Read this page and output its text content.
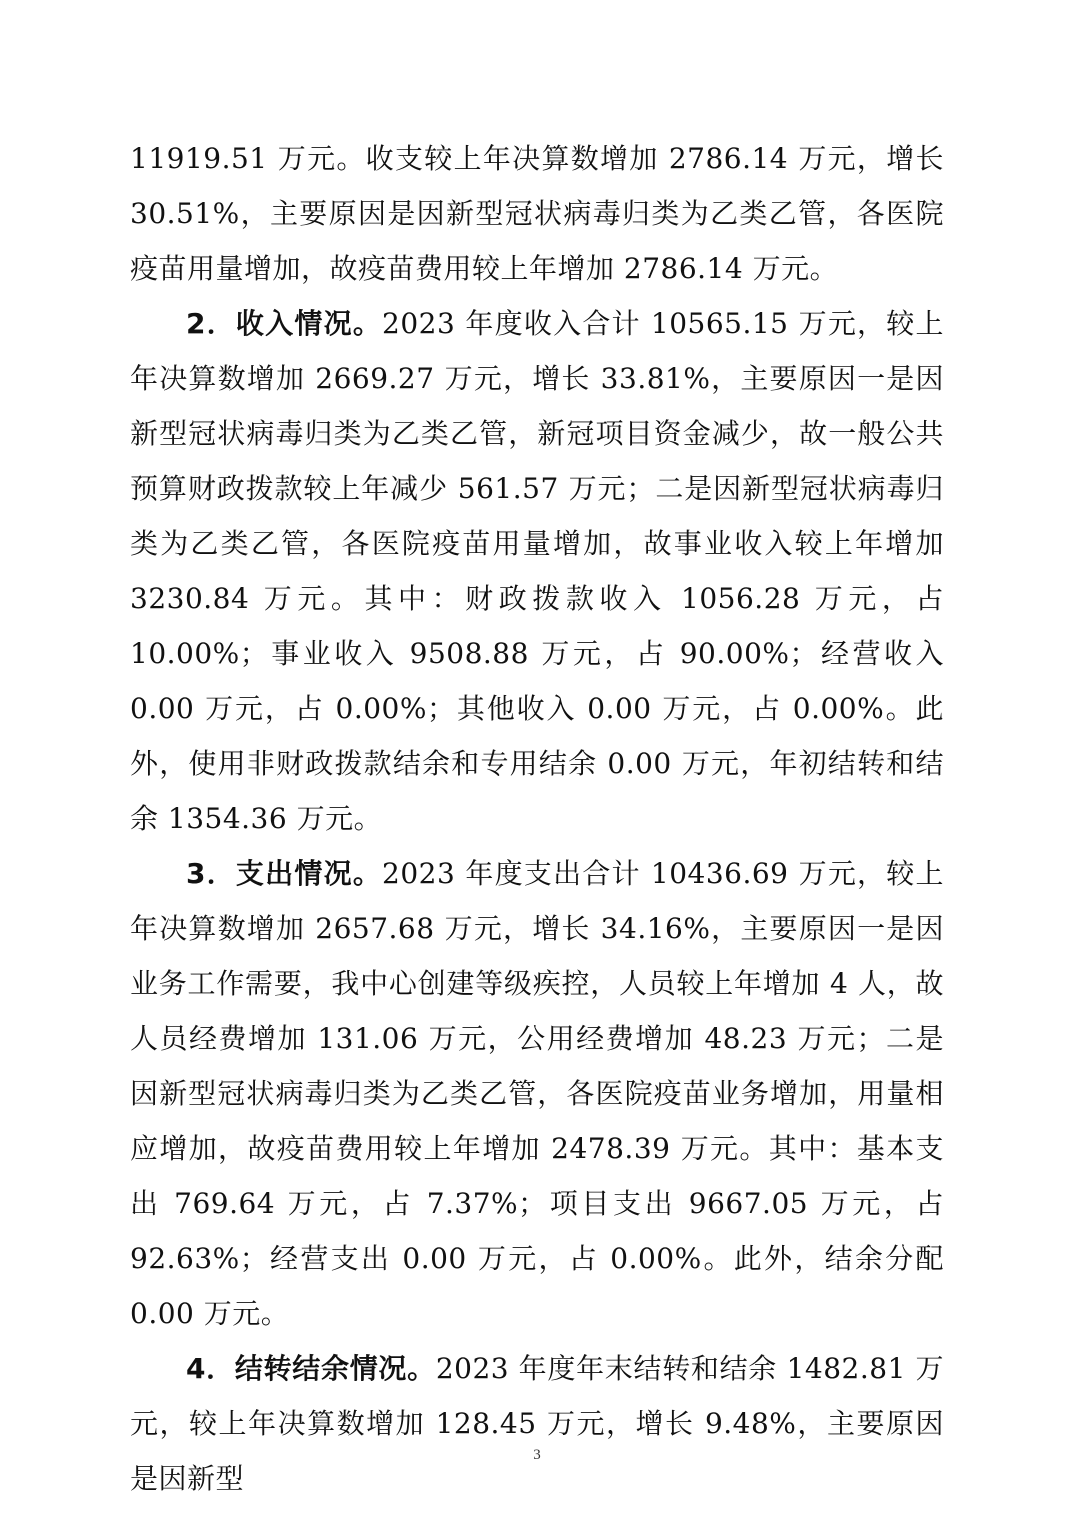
11919.51 万元。收支较上年决算数增加 2786.14 万元，增长 30.51%，主要原因是因新型冠状病毒归类为乙类乙管，各医院疫苗用量增加，故疫苗费用较上年增加 2786.14 万元。

2．收入情况。2023 年度收入合计 10565.15 万元，较上年决算数增加 2669.27 万元，增长 33.81%，主要原因一是因新型冠状病毒归类为乙类乙管，新冠项目资金减少，故一般公共预算财政拨款较上年减少 561.57 万元；二是因新型冠状病毒归类为乙类乙管，各医院疫苗用量增加，故事业收入较上年增加 3230.84 万元。其中：财政拨款收入 1056.28 万元，占 10.00%；事业收入 9508.88 万元，占 90.00%；经营收入 0.00 万元，占 0.00%；其他收入 0.00 万元，占 0.00%。此外，使用非财政拨款结余和专用结余 0.00 万元，年初结转和结余 1354.36 万元。

3．支出情况。2023 年度支出合计 10436.69 万元，较上年决算数增加 2657.68 万元，增长 34.16%，主要原因一是因业务工作需要，我中心创建等级疾控，人员较上年增加 4 人，故人员经费增加 131.06 万元，公用经费增加 48.23 万元；二是因新型冠状病毒归类为乙类乙管，各医院疫苗业务增加，用量相应增加，故疫苗费用较上年增加 2478.39 万元。其中：基本支出 769.64 万元，占 7.37%；项目支出 9667.05 万元，占 92.63%；经营支出 0.00 万元，占 0.00%。此外，结余分配 0.00 万元。

4．结转结余情况。2023 年度年末结转和结余 1482.81 万元，较上年决算数增加 128.45 万元，增长 9.48%，主要原因是因新型

3
